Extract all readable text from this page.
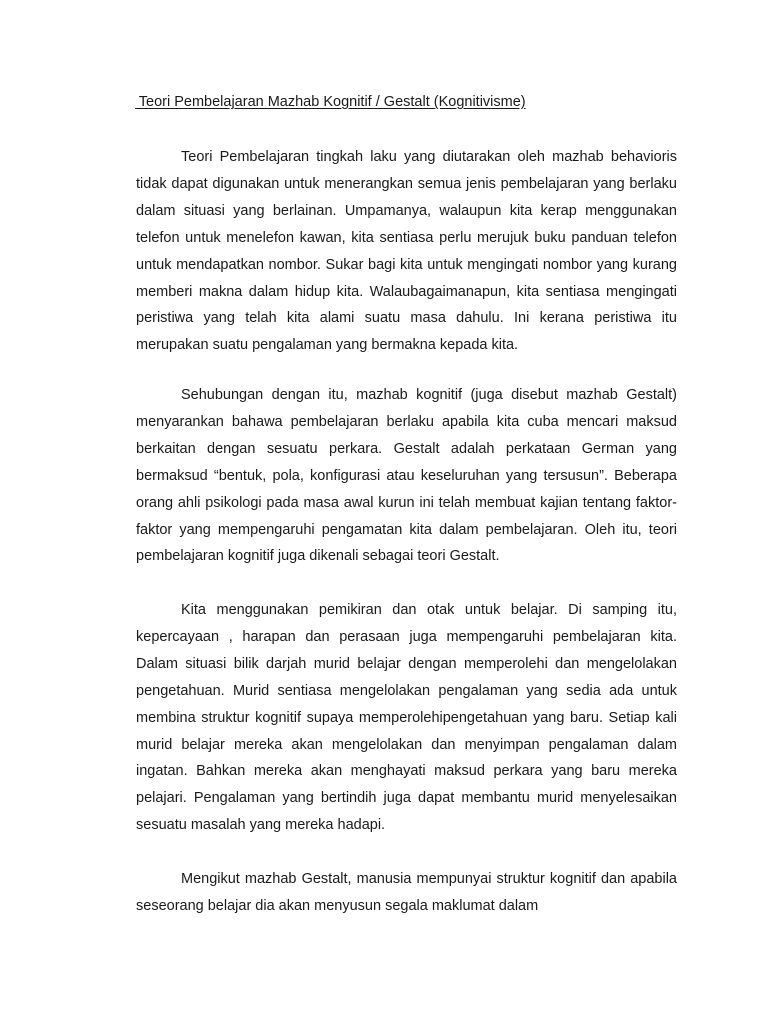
Teori Pembelajaran Mazhab Kognitif / Gestalt (Kognitivisme)

Teori Pembelajaran tingkah laku yang diutarakan oleh mazhab behavioris tidak dapat digunakan untuk menerangkan semua jenis pembelajaran yang berlaku dalam situasi yang berlainan. Umpamanya, walaupun kita kerap menggunakan telefon untuk menelefon kawan, kita sentiasa perlu merujuk buku panduan telefon untuk mendapatkan nombor. Sukar bagi kita untuk mengingati nombor yang kurang memberi makna dalam hidup kita. Walaubagaimanapun, kita sentiasa mengingati peristiwa yang telah kita alami suatu masa dahulu. Ini kerana peristiwa itu merupakan suatu pengalaman yang bermakna kepada kita.

Sehubungan dengan itu, mazhab kognitif (juga disebut mazhab Gestalt) menyarankan bahawa pembelajaran berlaku apabila kita cuba mencari maksud berkaitan dengan sesuatu perkara. Gestalt adalah perkataan German yang bermaksud “bentuk, pola, konfigurasi atau keseluruhan yang tersusun”. Beberapa orang ahli psikologi pada masa awal kurun ini telah membuat kajian tentang faktor-faktor yang mempengaruhi pengamatan kita dalam pembelajaran. Oleh itu, teori pembelajaran kognitif juga dikenali sebagai teori Gestalt.

Kita menggunakan pemikiran dan otak untuk belajar. Di samping itu, kepercayaan , harapan dan perasaan juga mempengaruhi pembelajaran kita. Dalam situasi bilik darjah murid belajar dengan memperolehi dan mengelolakan pengetahuan. Murid sentiasa mengelolakan pengalaman yang sedia ada untuk membina struktur kognitif supaya memperolehipengetahuan yang baru. Setiap kali murid belajar mereka akan mengelolakan dan menyimpan pengalaman dalam ingatan. Bahkan mereka akan menghayati maksud perkara yang baru mereka pelajari. Pengalaman yang bertindih juga dapat membantu murid menyelesaikan sesuatu masalah yang mereka hadapi.

Mengikut mazhab Gestalt, manusia mempunyai struktur kognitif dan apabila seseorang belajar dia akan menyusun segala maklumat dalam
